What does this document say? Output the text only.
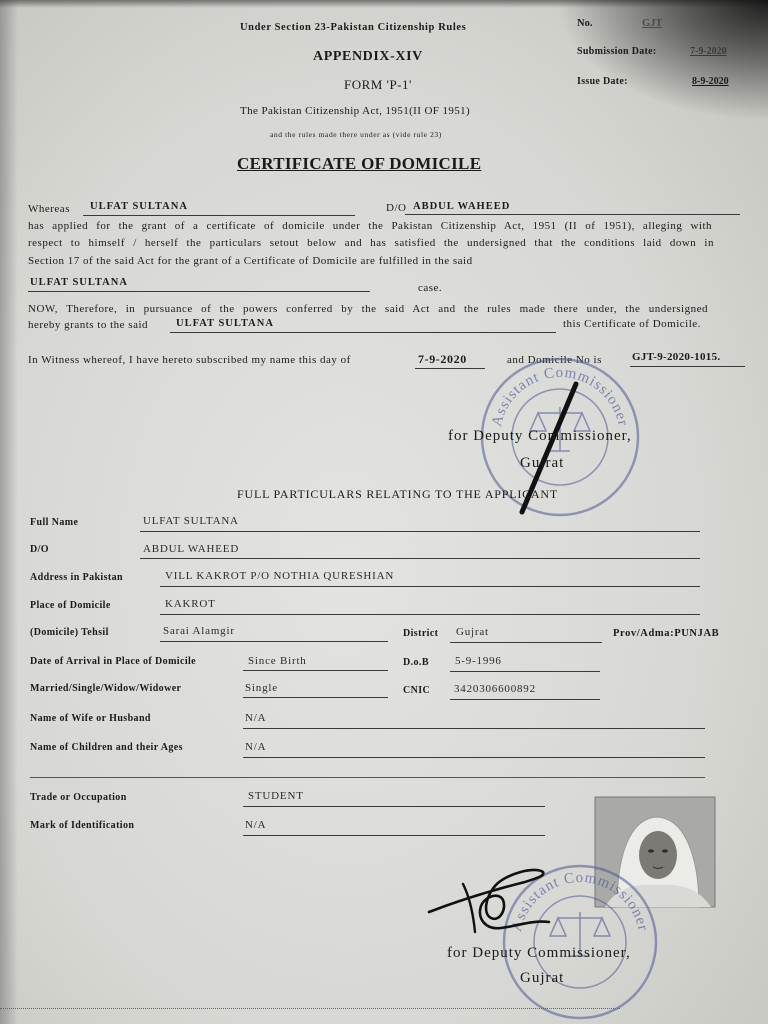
Under Section 23-Pakistan Citizenship Rules	No.	GJT
APPENDIX-XIV	Submission Date:	7-9-2020
FORM 'P-1'	Issue Date:	8-9-2020
The Pakistan Citizenship Act, 1951(II OF 1951)
and the rules made there under as (vide rule 23)
CERTIFICATE OF DOMICILE
Whereas ULFAT SULTANA	D/O ABDUL WAHEED
has applied for the grant of a certificate of domicile under the Pakistan Citizenship Act, 1951 (II of 1951), alleging with
respect to himself / herself the particulars setout below and has satisfied the undersigned that the conditions laid down in
Section 17 of the said Act for the grant of a Certificate of Domicile are fulfilled in the said
ULFAT SULTANA	case.
NOW, Therefore, in pursuance of the powers conferred by the said Act and the rules made there under, the undersigned
hereby grants to the said	ULFAT SULTANA	this Certificate of Domicile.
In Witness whereof, I have hereto subscribed my name this day of	7-9-2020	and Domicile No is	GJT-9-2020-1015.
Assistant Commissioner
for Deputy Commissioner,
Gujrat
FULL PARTICULARS RELATING TO THE APPLICANT
Full Name	ULFAT SULTANA
D/O	ABDUL WAHEED
Address in Pakistan	VILL KAKROT P/O NOTHIA QURESHIAN
Place of Domicile	KAKROT
(Domicile) Tehsil	Sarai Alamgir	District Gujrat	Prov/Adma:PUNJAB
Date of Arrival in Place of Domicile	Since Birth	D.o.B 5-9-1996
Married/Single/Widow/Widower	Single	CNIC 3420306600892
Name of Wife or Husband	N/A
Name of Children and their Ages	N/A
Trade or Occupation	STUDENT
Mark of Identification	N/A
Assistant Commissioner
for Deputy Commissioner,
Gujrat
